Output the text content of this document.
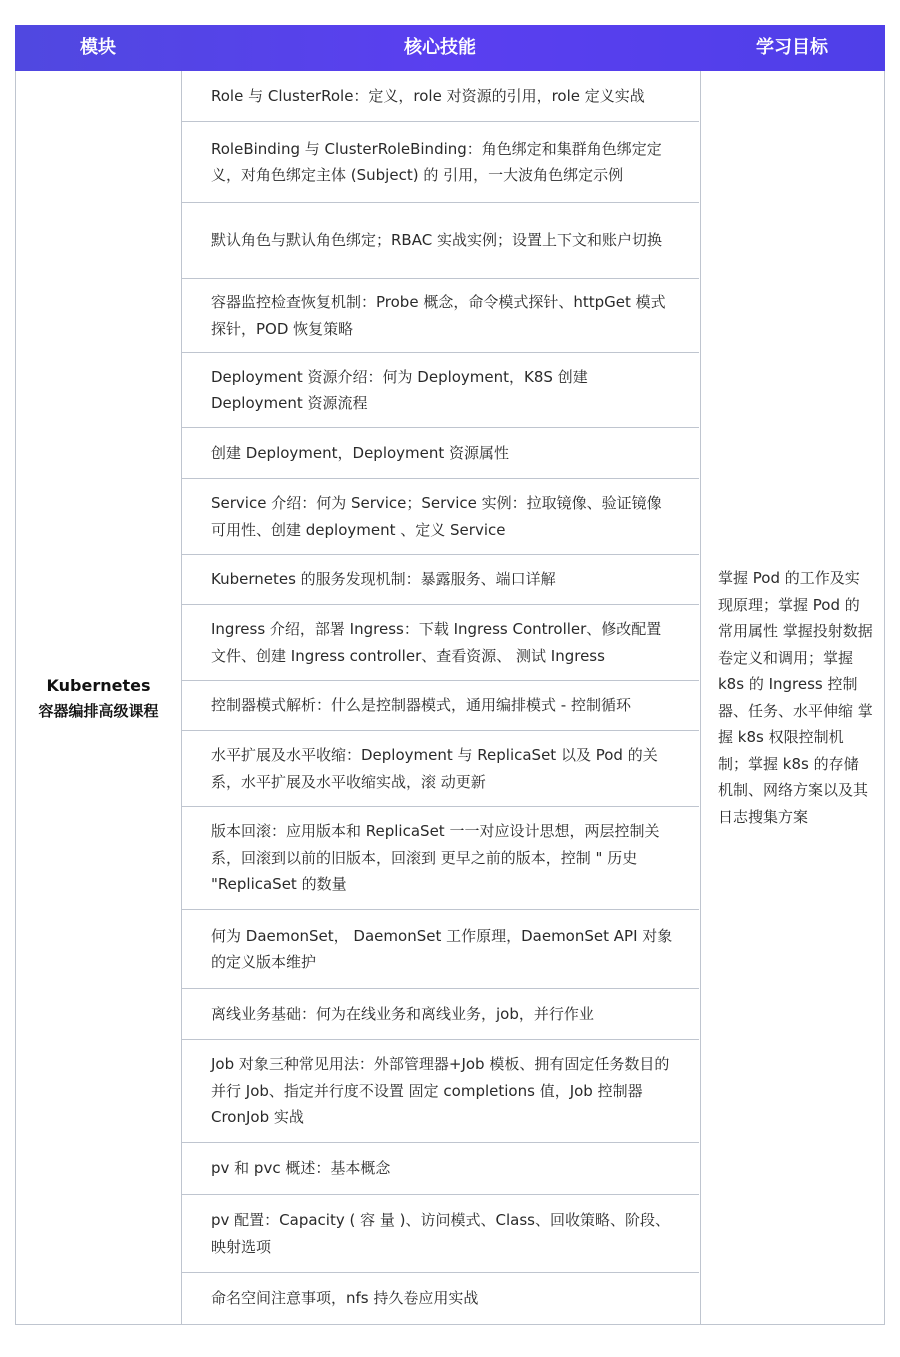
模块	核心技能	学习目标
Kubernetes
容器编排高级课程
Role 与 ClusterRole：定义，role 对资源的引用，role 定义实战
RoleBinding 与 ClusterRoleBinding：角色绑定和集群角色绑定定义，对角色绑定主体 (Subject) 的 引用，一大波角色绑定示例
默认角色与默认角色绑定；RBAC 实战实例；设置上下文和账户切换
容器监控检查恢复机制：Probe 概念，命令模式探针、httpGet 模式探针，POD 恢复策略
Deployment 资源介绍：何为 Deployment，K8S 创建 Deployment 资源流程
创建 Deployment，Deployment 资源属性
Service 介绍：何为 Service；Service 实例：拉取镜像、验证镜像可用性、创建 deployment 、定义 Service
Kubernetes 的服务发现机制：暴露服务、端口详解
Ingress 介绍，部署 Ingress：下载 Ingress Controller、修改配置文件、创建 Ingress controller、查看资源、 测试 Ingress
控制器模式解析：什么是控制器模式，通用编排模式 - 控制循环
水平扩展及水平收缩：Deployment 与 ReplicaSet 以及 Pod 的关系，水平扩展及水平收缩实战，滚 动更新
版本回滚：应用版本和 ReplicaSet 一一对应设计思想，两层控制关系，回滚到以前的旧版本，回滚到 更早之前的版本，控制 " 历史 "ReplicaSet 的数量
何为 DaemonSet， DaemonSet 工作原理，DaemonSet API 对象的定义版本维护
离线业务基础：何为在线业务和离线业务，job，并行作业
Job 对象三种常见用法：外部管理器+Job 模板、拥有固定任务数目的并行 Job、指定并行度不设置 固定 completions 值，Job 控制器 CronJob 实战
pv 和 pvc 概述：基本概念
pv 配置：Capacity ( 容 量 )、访问模式、Class、回收策略、阶段、映射选项
命名空间注意事项，nfs 持久卷应用实战
掌握 Pod 的工作及实现原理；掌握 Pod 的常用属性 掌握投射数据卷定义和调用；掌握 k8s 的 Ingress 控制器、任务、水平伸缩 掌握 k8s 权限控制机制；掌握 k8s 的存储机制、网络方案以及其日志搜集方案
